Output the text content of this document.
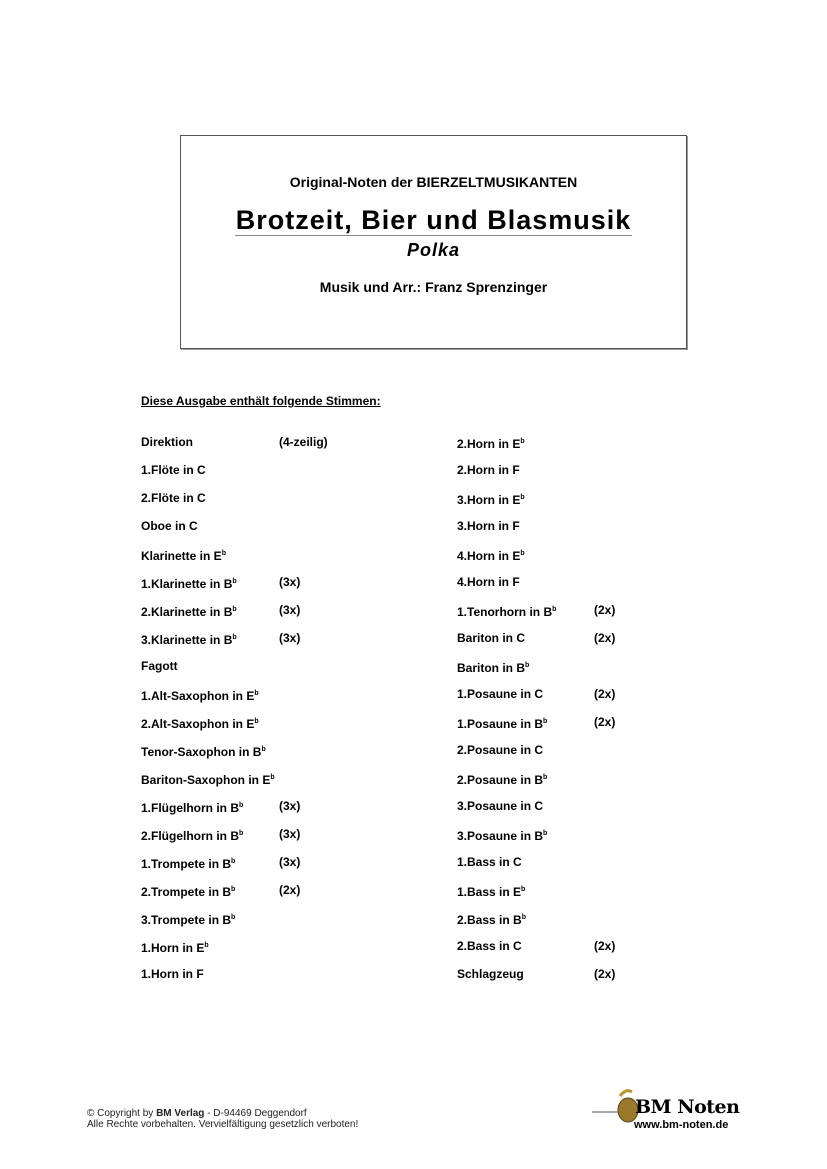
Original-Noten der BIERZELTMUSIKANTEN
Brotzeit, Bier und Blasmusik
Polka
Musik und Arr.: Franz Sprenzinger
Diese Ausgabe enthält folgende Stimmen:
Direktion	(4-zeilig)
1.Flöte in C
2.Flöte in C
Oboe in C
Klarinette in $E^b$
1.Klarinette in $B^b$	(3x)
2.Klarinette in $B^b$	(3x)
3.Klarinette in $B^b$	(3x)
Fagott
1.Alt-Saxophon in $E^b$
2.Alt-Saxophon in $E^b$
Tenor-Saxophon in $B^b$
Bariton-Saxophon in $E^b$
1.Flügelhorn in $B^b$	(3x)
2.Flügelhorn in $B^b$	(3x)
1.Trompete in $B^b$	(3x)
2.Trompete in $B^b$	(2x)
3.Trompete in $B^b$
1.Horn in $E^b$
1.Horn in F
2.Horn in $E^b$
2.Horn in F
3.Horn in $E^b$
3.Horn in F
4.Horn in $E^b$
4.Horn in F
1.Tenorhorn in $B^b$	(2x)
Bariton in C	(2x)
Bariton in $B^b$
1.Posaune in C	(2x)
1.Posaune in $B^b$	(2x)
2.Posaune in C
2.Posaune in $B^b$
3.Posaune in C
3.Posaune in $B^b$
1.Bass in C
1.Bass in $E^b$
2.Bass in $B^b$
2.Bass in C	(2x)
Schlagzeug	(2x)
© Copyright by BM Verlag - D-94469 Deggendorf
Alle Rechte vorbehalten. Vervielfältigung gesetzlich verboten!
BM Noten
www.bm-noten.de
